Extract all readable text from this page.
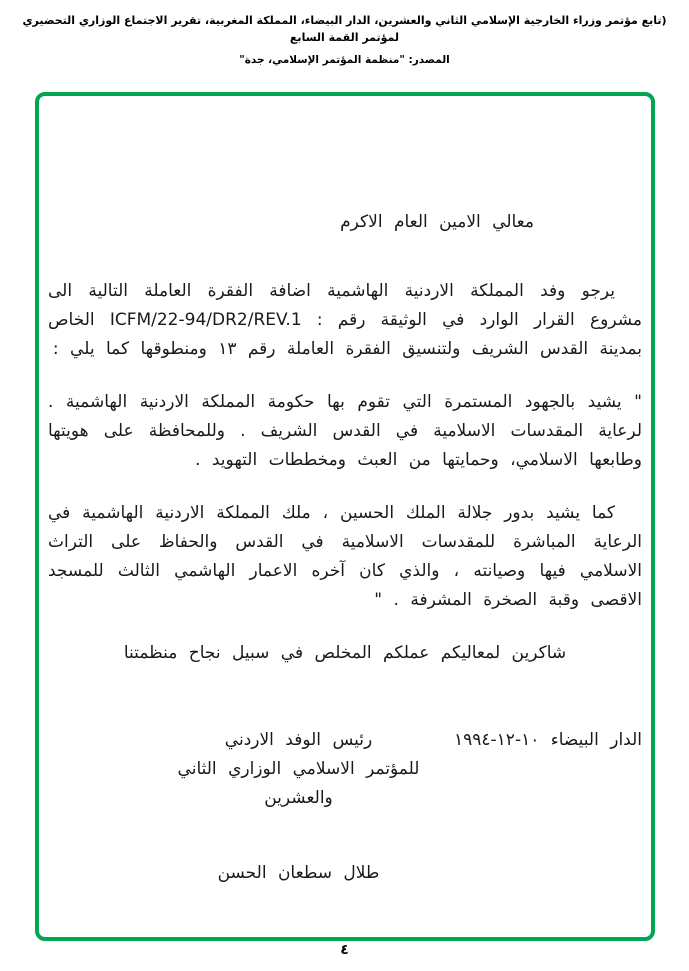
(تابع مؤتمر وزراء الخارجية الإسلامي الثاني والعشرين، الدار البيضاء، المملكة المغربية، تقرير الاجتماع الوزاري التحضيري لمؤتمر القمة السابع
المصدر: "منظمة المؤتمر الإسلامي، جدة"

معالي الامين العام الاكرم

يرجو وفد المملكة الاردنية الهاشمية اضافة الفقرة العاملة التالية الى مشروع القرار الوارد في الوثيقة رقم : ICFM/22-94/DR2/REV.1 الخاص بمدينة القدس الشريف ولتنسيق الفقرة العاملة رقم ١٣ ومنطوقها كما يلي :

" يشيد بالجهود المستمرة التي تقوم بها حكومة المملكة الاردنية الهاشمية . لرعاية المقدسات الاسلامية في القدس الشريف . وللمحافظة على هويتها وطابعها الاسلامي، وحمايتها من العبث ومخططات التهويد .

كما يشيد بدور جلالة الملك الحسين ، ملك المملكة الاردنية الهاشمية في الرعاية المباشرة للمقدسات الاسلامية في القدس والحفاظ على التراث الاسلامي فيها وصيانته ، والذي كان آخره الاعمار الهاشمي الثالث للمسجد الاقصى وقبة الصخرة المشرفة . "

شاكرين لمعاليكم عملكم المخلص في سبيل نجاح منظمتنا

الدار البيضاء ١٠-١٢-١٩٩٤
رئيس الوفد الاردني
للمؤتمر الاسلامي الوزاري الثاني والعشرين
طلال سطعان الحسن
٤
